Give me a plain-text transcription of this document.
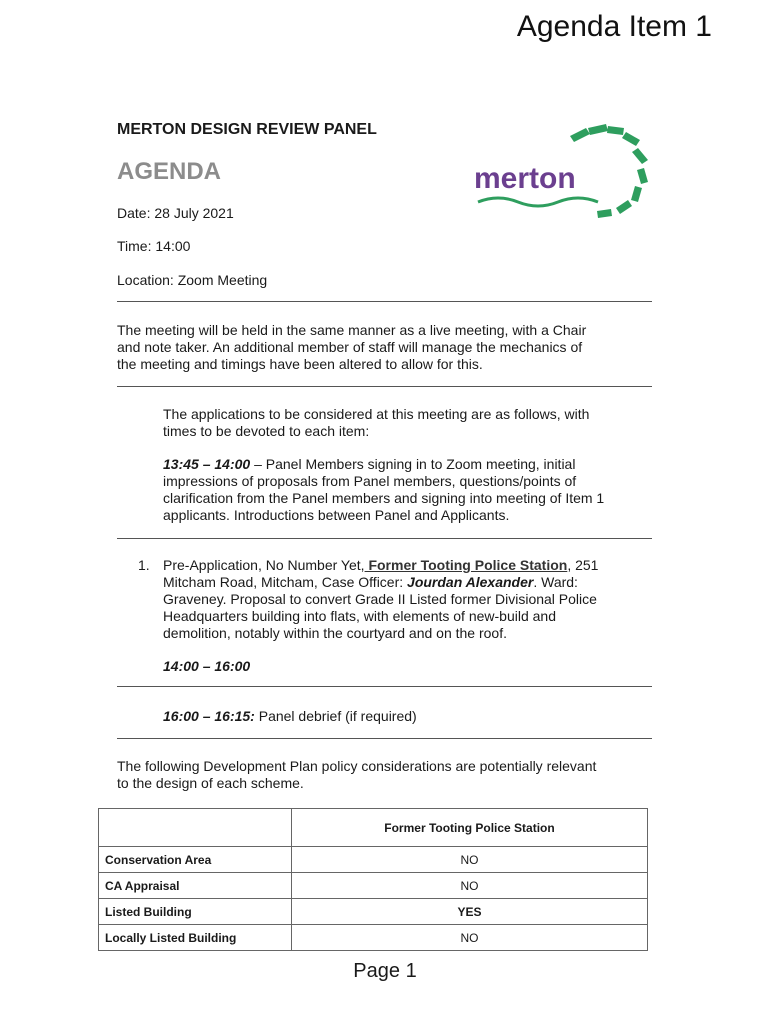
Agenda Item 1
MERTON DESIGN REVIEW PANEL
AGENDA	merton
Date: 28 July 2021
Time: 14:00
Location: Zoom Meeting
The meeting will be held in the same manner as a live meeting, with a Chair
and note taker. An additional member of staff will manage the mechanics of
the meeting and timings have been altered to allow for this.
The applications to be considered at this meeting are as follows, with
times to be devoted to each item:
13:45 – 14:00 – Panel Members signing in to Zoom meeting, initial
impressions of proposals from Panel members, questions/points of
clarification from the Panel members and signing into meeting of Item 1
applicants. Introductions between Panel and Applicants.
1. Pre-Application, No Number Yet, Former Tooting Police Station, 251
Mitcham Road, Mitcham, Case Officer: Jourdan Alexander. Ward:
Graveney. Proposal to convert Grade II Listed former Divisional Police
Headquarters building into flats, with elements of new-build and
demolition, notably within the courtyard and on the roof.
14:00 – 16:00
16:00 – 16:15: Panel debrief (if required)
The following Development Plan policy considerations are potentially relevant
to the design of each scheme.
	Former Tooting Police Station
Conservation Area	NO
CA Appraisal	NO
Listed Building	YES
Locally Listed Building	NO
Page 1
